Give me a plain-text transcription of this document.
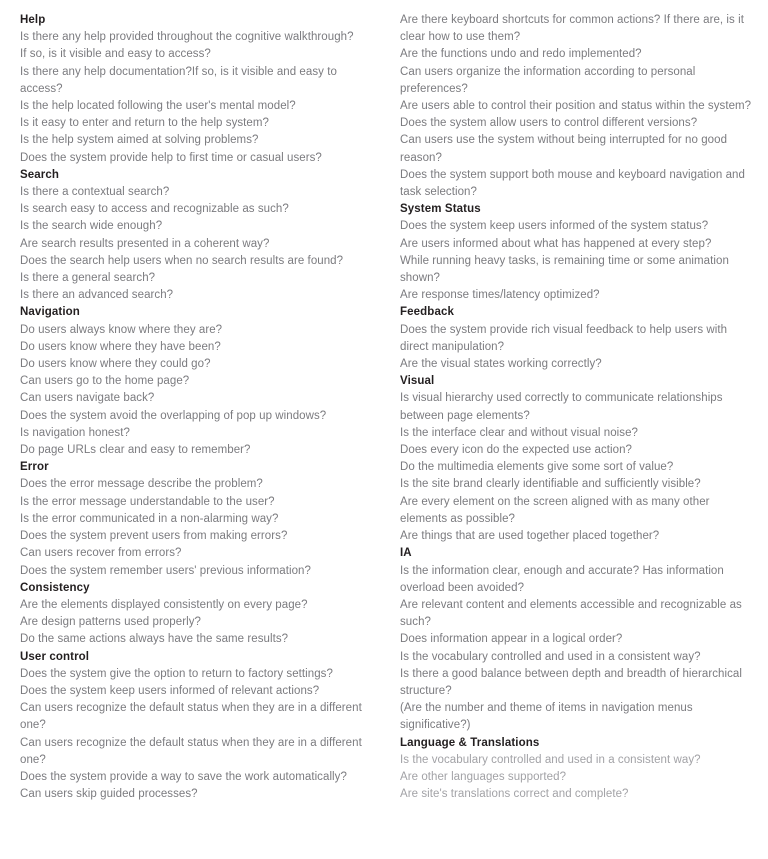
Help
Is there any help provided throughout the cognitive walkthrough?
If so, is it visible and easy to access?
Is there any help documentation?If so, is it visible and easy to access?
Is the help located following the user's mental model?
Is it easy to enter and return to the help system?
Is the help system aimed at solving problems?
Does the system provide help to first time or casual users?
Search
Is there a contextual search?
Is search easy to access and recognizable as such?
Is the search wide enough?
Are search results presented in a coherent way?
Does the search help users when no search results are found?
Is there a general search?
Is there an advanced search?
Navigation
Do users always know where they are?
Do users know where they have been?
Do users know where they could go?
Can users go to the home page?
Can users navigate back?
Does the system avoid the overlapping of pop up windows?
Is navigation honest?
Do page URLs clear and easy to remember?
Error
Does the error message describe the problem?
Is the error message understandable to the user?
Is the error communicated in a non-alarming way?
Does the system prevent users from making errors?
Can users recover from errors?
Does the system remember users' previous information?
Consistency
Are the elements displayed consistently on every page?
Are design patterns used properly?
Do the same actions always have the same results?
User control
Does the system give the option to return to factory settings?
Does the system keep users informed of relevant actions?
Can users recognize the default status when they are in a different one?
Can users recognize the default status when they are in a different one?
Does the system provide a way to save the work automatically?
Can users skip guided processes?
Are there keyboard shortcuts for common actions? If there are, is it clear how to use them?
Are the functions undo and redo implemented?
Can users organize the information according to personal preferences?
Are users able to control their position and status within the system?
Does the system allow users to control different versions?
Can users use the system without being interrupted for no good reason?
Does the system support both mouse and keyboard navigation and task selection?
System Status
Does the system keep users informed of the system status?
Are users informed about what has happened at every step?
While running heavy tasks, is remaining time or some animation shown?
Are response times/latency optimized?
Feedback
Does the system provide rich visual feedback to help users with direct manipulation?
Are the visual states working correctly?
Visual
Is visual hierarchy used correctly to communicate relationships between page elements?
Is the interface clear and without visual noise?
Does every icon do the expected use action?
Do the multimedia elements give some sort of value?
Is the site brand clearly identifiable and sufficiently visible?
Are every element on the screen aligned with as many other elements as possible?
Are things that are used together placed together?
IA
Is the information clear, enough and accurate? Has information overload been avoided?
Are relevant content and elements accessible and recognizable as such?
Does information appear in a logical order?
Is the vocabulary controlled and used in a consistent way?
Is there a good balance between depth and breadth of hierarchical structure?
(Are the number and theme of items in navigation menus significative?)
Language & Translations
Is the vocabulary controlled and used in a consistent way?
Are other languages supported?
Are site's translations correct and complete?
